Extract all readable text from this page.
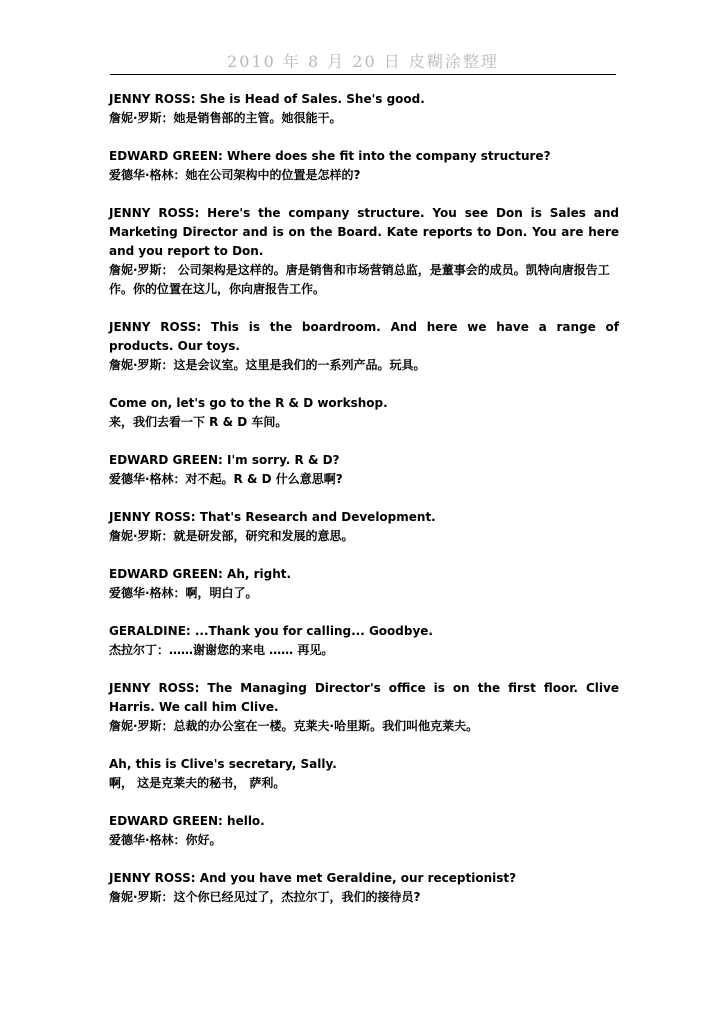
2010 年 8 月 20 日 皮糊涂整理
JENNY ROSS: She is Head of Sales. She's good.
詹妮·罗斯：她是销售部的主管。她很能干。
EDWARD GREEN: Where does she fit into the company structure?
爱德华·格林：她在公司架构中的位置是怎样的?
JENNY ROSS: Here's the company structure. You see Don is Sales and Marketing Director and is on the Board. Kate reports to Don. You are here and you report to Don.
詹妮·罗斯： 公司架构是这样的。唐是销售和市场营销总监，是董事会的成员。凯特向唐报告工作。你的位置在这儿，你向唐报告工作。
JENNY ROSS: This is the boardroom. And here we have a range of products. Our toys.
詹妮·罗斯：这是会议室。这里是我们的一系列产品。玩具。
Come on, let's go to the R & D workshop.
来，我们去看一下 R & D 车间。
EDWARD GREEN: I'm sorry. R & D?
爱德华·格林：对不起。R & D 什么意思啊?
JENNY ROSS: That's Research and Development.
詹妮·罗斯：就是研发部，研究和发展的意思。
EDWARD GREEN: Ah, right.
爱德华·格林：啊，明白了。
GERALDINE: ...Thank you for calling... Goodbye.
杰拉尔丁：……谢谢您的来电 …… 再见。
JENNY ROSS: The Managing Director's office is on the first floor. Clive Harris. We call him Clive.
詹妮·罗斯：总裁的办公室在一楼。克莱夫·哈里斯。我们叫他克莱夫。
Ah, this is Clive's secretary, Sally.
啊， 这是克莱夫的秘书， 萨利。
EDWARD GREEN: hello.
爱德华·格林：你好。
JENNY ROSS: And you have met Geraldine, our receptionist?
詹妮·罗斯：这个你已经见过了，杰拉尔丁，我们的接待员?
